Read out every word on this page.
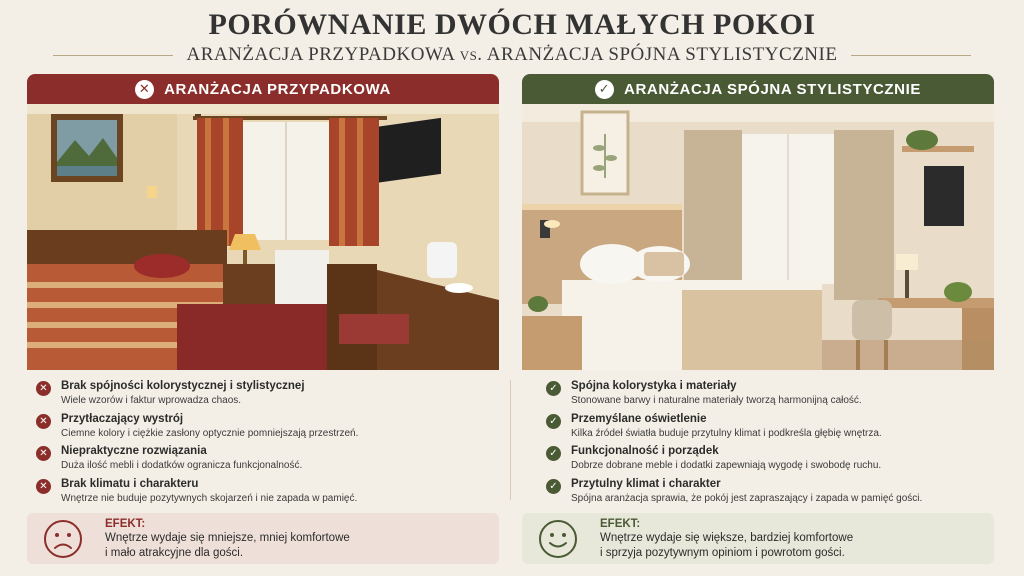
PORÓWNANIE DWÓCH MAŁYCH POKOI
ARANŻACJA PRZYPADKOWA vs. ARANŻACJA SPÓJNA STYLISTYCZNIE
✕ ARANŻACJA PRZYPADKOWA	✓ ARANŻACJA SPÓJNA STYLISTYCZNIE
✕ Brak spójności kolorystycznej i stylistycznej
Wiele wzorów i faktur wprowadza chaos.
✕ Przytłaczający wystrój
Ciemne kolory i ciężkie zasłony optycznie pomniejszają przestrzeń.
✕ Niepraktyczne rozwiązania
Duża ilość mebli i dodatków ogranicza funkcjonalność.
✕ Brak klimatu i charakteru
Wnętrze nie buduje pozytywnych skojarzeń i nie zapada w pamięć.
✓ Spójna kolorystyka i materiały
Stonowane barwy i naturalne materiały tworzą harmonijną całość.
✓ Przemyślane oświetlenie
Kilka źródeł światła buduje przytulny klimat i podkreśla głębię wnętrza.
✓ Funkcjonalność i porządek
Dobrze dobrane meble i dodatki zapewniają wygodę i swobodę ruchu.
✓ Przytulny klimat i charakter
Spójna aranżacja sprawia, że pokój jest zapraszający i zapada w pamięć gości.
EFEKT:
Wnętrze wydaje się mniejsze, mniej komfortowe
i mało atrakcyjne dla gości.
EFEKT:
Wnętrze wydaje się większe, bardziej komfortowe
i sprzyja pozytywnym opiniom i powrotom gości.
